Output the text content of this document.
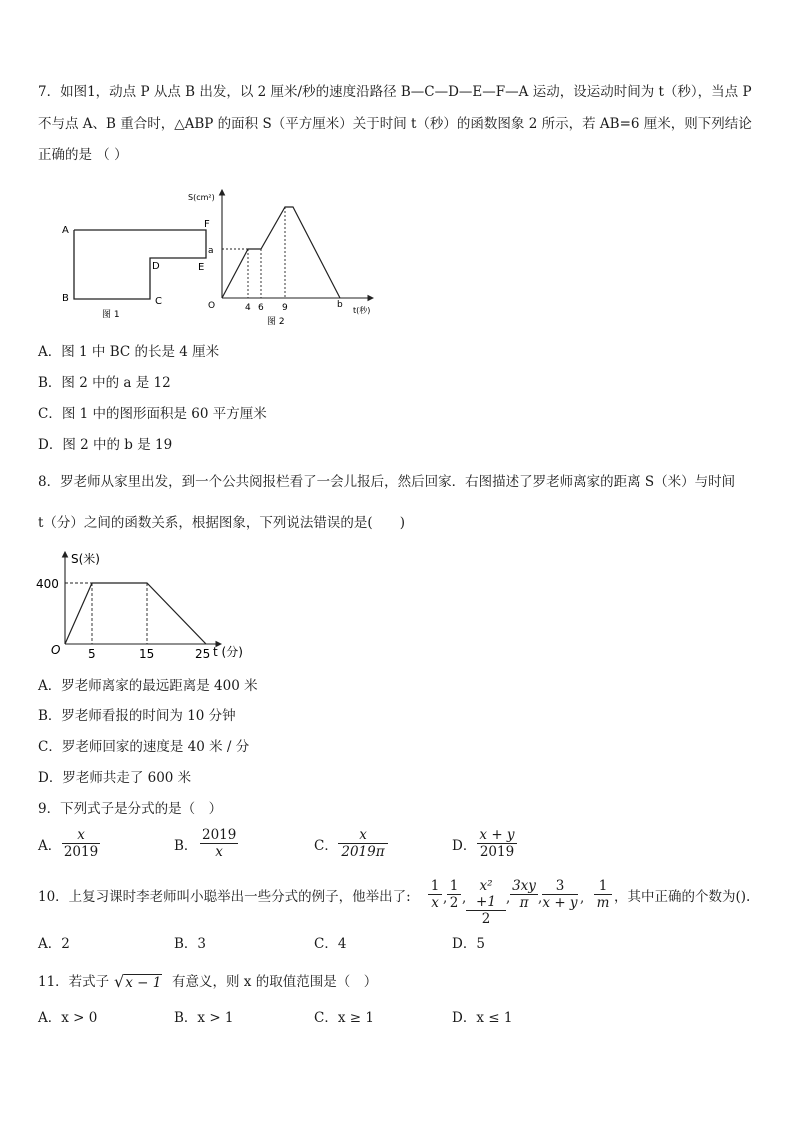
7．如图1，动点 P 从点 B 出发，以 2 厘米/秒的速度沿路径 B—C—D—E—F—A 运动，设运动时间为 t（秒），当点 P
不与点 A、B 重合时，△ABP 的面积 S（平方厘米）关于时间 t（秒）的函数图象 2 所示，若 AB=6 厘米，则下列结论
正确的是 （ ）
A
B	C
D	E
F
图 1
S(cm²)
a
O	4 6 9	b
t(秒)
图 2
A．图 1 中 BC 的长是 4 厘米
B．图 2 中的 a 是 12
C．图 1 中的图形面积是 60 平方厘米
D．图 2 中的 b 是 19
8．罗老师从家里出发，到一个公共阅报栏看了一会儿报后，然后回家．右图描述了罗老师离家的距离 S（米）与时间
t（分）之间的函数关系，根据图象，下列说法错误的是(　　)
S(米)
400
O 5	15	25 t (分)
A．罗老师离家的最远距离是 400 米
B．罗老师看报的时间为 10 分钟
C．罗老师回家的速度是 40 米 / 分
D．罗老师共走了 600 米
9．下列式子是分式的是（　）
A． $\frac{x}{2019}$	B． $\frac{2019}{x}$	C． $\frac{x}{2019\pi}$	D． $\frac{x + y}{2019}$
10．上复习课时李老师叫小聪举出一些分式的例子，他举出了: $\frac{1}{x}$ , $\frac{1}{2}$ , $\frac{\text{x² +1}}{2}$ , $\frac{3xy}{\pi}$ , $\frac{3}{x + y}$ , $\frac{1}{m}$ ，其中正确的个数为().
A．2	B．3	C．4	D．5
11．若式子 √x − 1 有意义，则 x 的取值范围是（　）
A．x > 0	B．x > 1	C．x ≥ 1	D．x ≤ 1
